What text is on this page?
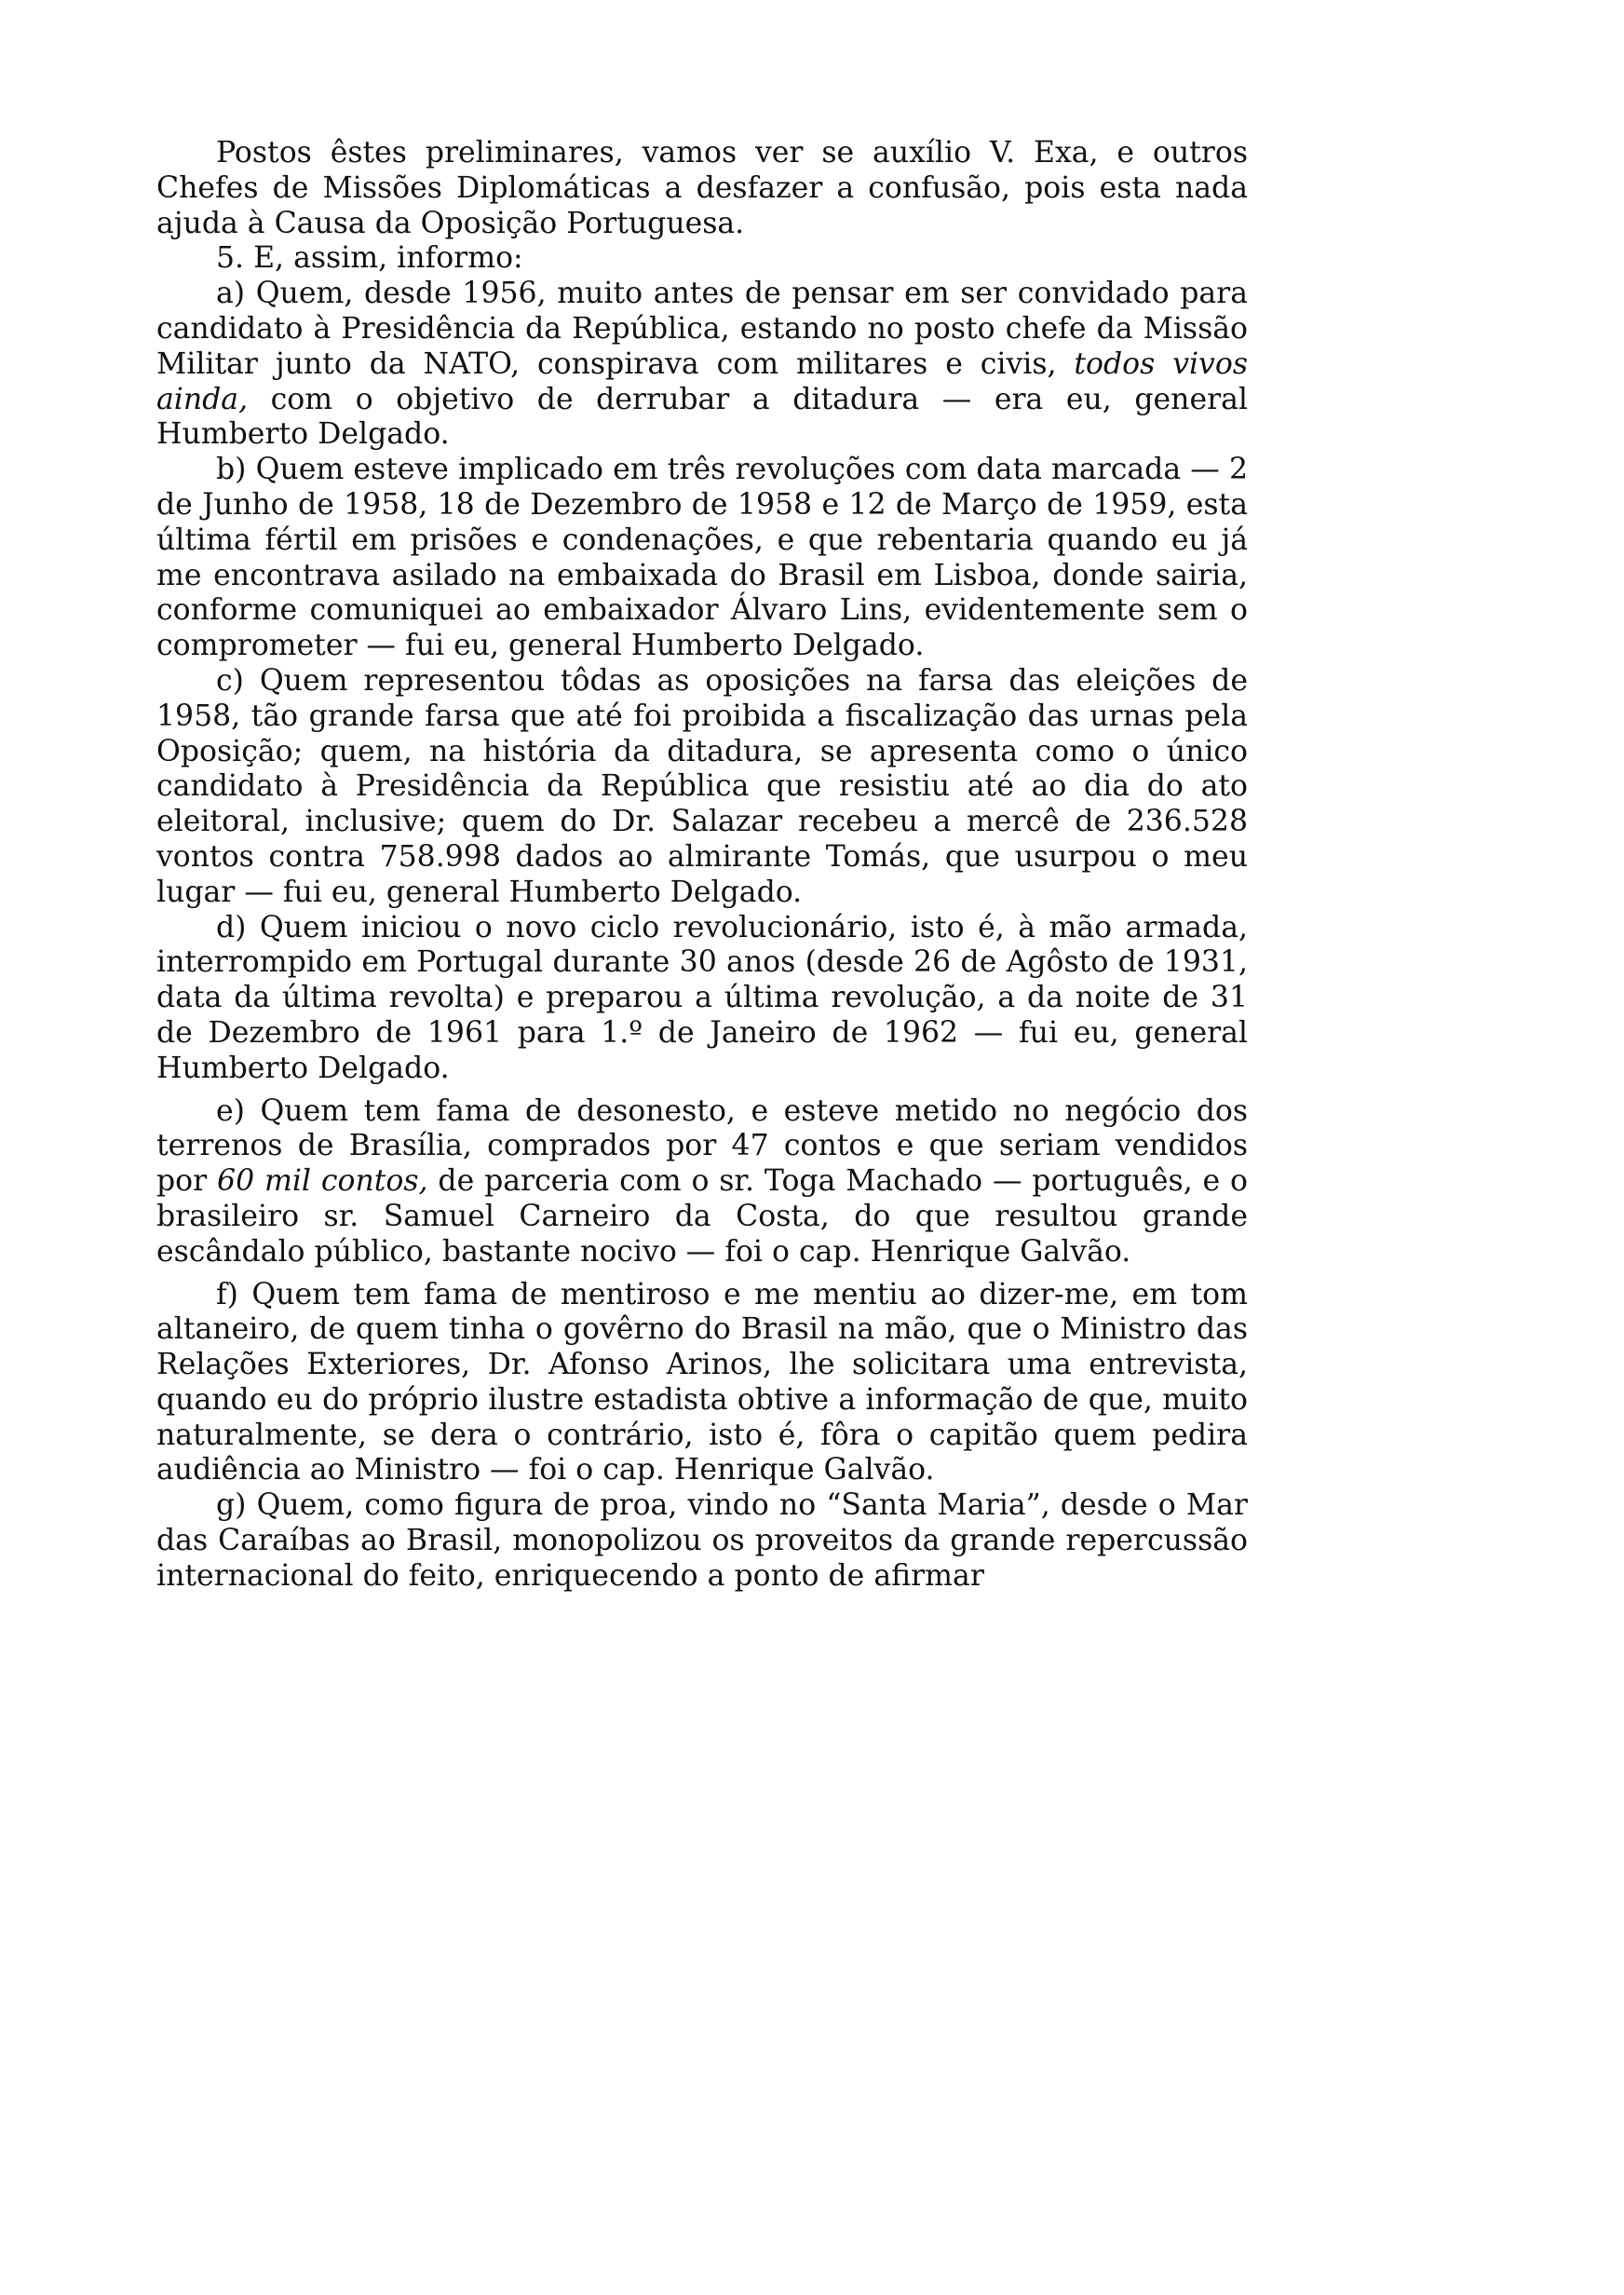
Postos êstes preliminares, vamos ver se auxílio V. Exa, e outros Chefes de Missões Diplomáticas a desfazer a confusão, pois esta nada ajuda à Causa da Oposição Portuguesa.

5. E, assim, informo:

a) Quem, desde 1956, muito antes de pensar em ser convidado para candidato à Presidência da República, estando no posto chefe da Missão Militar junto da NATO, conspirava com militares e civis, todos vivos ainda, com o objetivo de derrubar a ditadura — era eu, general Humberto Delgado.

b) Quem esteve implicado em três revoluções com data marcada — 2 de Junho de 1958, 18 de Dezembro de 1958 e 12 de Março de 1959, esta última fértil em prisões e condenações, e que rebentaria quando eu já me encontrava asilado na embaixada do Brasil em Lisboa, donde sairia, conforme comuniquei ao embaixador Álvaro Lins, evidentemente sem o comprometer — fui eu, general Humberto Delgado.

c) Quem representou tôdas as oposições na farsa das eleições de 1958, tão grande farsa que até foi proibida a fiscalização das urnas pela Oposição; quem, na história da ditadura, se apresenta como o único candidato à Presidência da República que resistiu até ao dia do ato eleitoral, inclusive; quem do Dr. Salazar recebeu a mercê de 236.528 vontos contra 758.998 dados ao almirante Tomás, que usurpou o meu lugar — fui eu, general Humberto Delgado.

d) Quem iniciou o novo ciclo revolucionário, isto é, à mão armada, interrompido em Portugal durante 30 anos (desde 26 de Agôsto de 1931, data da última revolta) e preparou a última revolução, a da noite de 31 de Dezembro de 1961 para 1.º de Janeiro de 1962 — fui eu, general Humberto Delgado.

e) Quem tem fama de desonesto, e esteve metido no negócio dos terrenos de Brasília, comprados por 47 contos e que seriam vendidos por 60 mil contos, de parceria com o sr. Toga Machado — português, e o brasileiro sr. Samuel Carneiro da Costa, do que resultou grande escândalo público, bastante nocivo — foi o cap. Henrique Galvão.

f) Quem tem fama de mentiroso e me mentiu ao dizer-me, em tom altaneiro, de quem tinha o govêrno do Brasil na mão, que o Ministro das Relações Exteriores, Dr. Afonso Arinos, lhe solicitara uma entrevista, quando eu do próprio ilustre estadista obtive a informação de que, muito naturalmente, se dera o contrário, isto é, fôra o capitão quem pedira audiência ao Ministro — foi o cap. Henrique Galvão.

g) Quem, como figura de proa, vindo no “Santa Maria”, desde o Mar das Caraíbas ao Brasil, monopolizou os proveitos da grande repercussão internacional do feito, enriquecendo a ponto de afirmar
